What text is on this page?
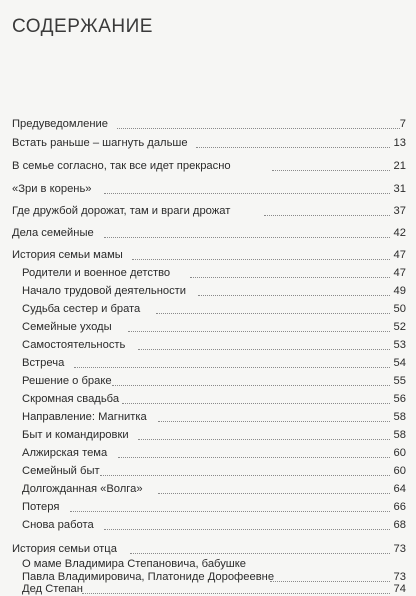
СОДЕРЖАНИЕ
Предуведомление	7
Встать раньше – шагнуть дальше	13
В семье согласно, так все идет прекрасно	21
«Зри в корень»	31
Где дружбой дорожат, там и враги дрожат	37
Дела семейные	42
История семьи мамы	47
Родители и военное детство	47
Начало трудовой деятельности	49
Судьба сестер и брата	50
Семейные уходы	52
Самостоятельность	53
Встреча	54
Решение о браке	55
Скромная свадьба	56
Направление: Магнитка	58
Быт и командировки	58
Алжирская тема	60
Семейный быт	60
Долгожданная «Волга»	64
Потеря	66
Снова работа	68
История семьи отца	73
О маме Владимира Степановича, бабушке
Павла Владимировича, Платониде Дорофеевне	73
Дед Степан	74
